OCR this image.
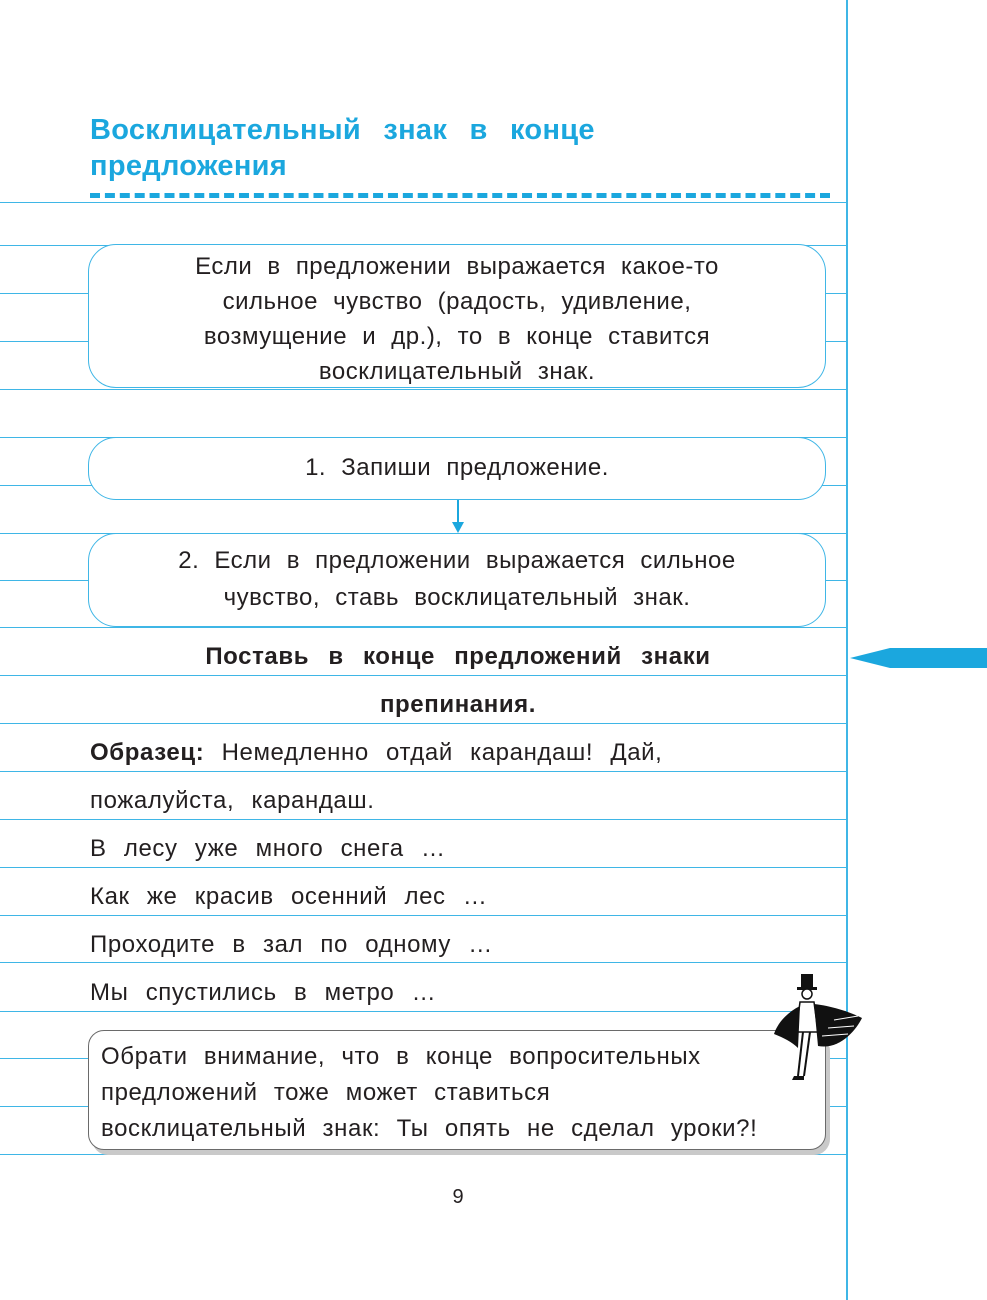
Восклицательный знак в конце предложения
Если в предложении выражается какое-то
сильное чувство (радость, удивление,
возмущение и др.), то в конце ставится
восклицательный знак.
1. Запиши предложение.
2. Если в предложении выражается сильное
чувство, ставь восклицательный знак.
Поставь в конце предложений знаки
препинания.
Образец: Немедленно отдай карандаш! Дай,
пожалуйста, карандаш.
В лесу уже много снега …
Как же красив осенний лес …
Проходите в зал по одному …
Мы спустились в метро …
Обрати внимание, что в конце вопросительных
предложений тоже может ставиться
восклицательный знак: Ты опять не сделал уроки?!
9
